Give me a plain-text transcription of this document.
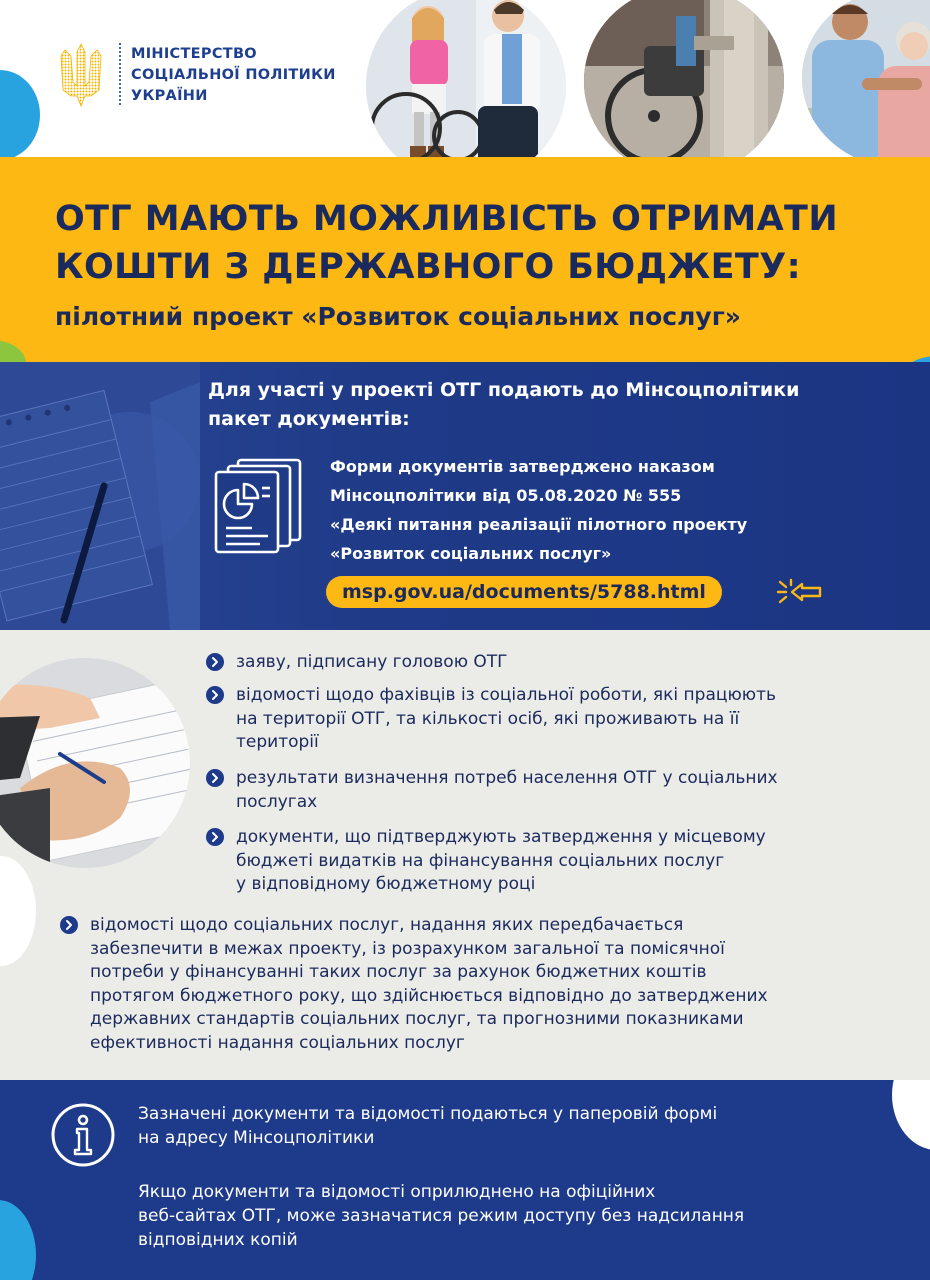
МІНІСТЕРСТВО
СОЦІАЛЬНОЇ ПОЛІТИКИ
УКРАЇНИ
ОТГ МАЮТЬ МОЖЛИВІСТЬ ОТРИМАТИ
КОШТИ З ДЕРЖАВНОГО БЮДЖЕТУ:
пілотний проект «Розвиток соціальних послуг»
Для участі у проекті ОТГ подають до Мінсоцполітики
пакет документів:
Форми документів затверджено наказом
Мінсоцполітики від 05.08.2020 № 555
«Деякі питання реалізації пілотного проекту
«Розвиток соціальних послуг»
msp.gov.ua/documents/5788.html
заяву, підписану головою ОТГ
відомості щодо фахівців із соціальної роботи, які працюють
на території ОТГ, та кількості осіб, які проживають на її
території
результати визначення потреб населення ОТГ у соціальних
послугах
документи, що підтверджують затвердження у місцевому
бюджеті видатків на фінансування соціальних послуг
у відповідному бюджетному році
відомості щодо соціальних послуг, надання яких передбачається
забезпечити в межах проекту, із розрахунком загальної та помісячної
потреби у фінансуванні таких послуг за рахунок бюджетних коштів
протягом бюджетного року, що здійснюється відповідно до затверджених
державних стандартів соціальних послуг, та прогнозними показниками
ефективності надання соціальних послуг
Зазначені документи та відомості подаються у паперовій формі
на адресу Мінсоцполітики
Якщо документи та відомості оприлюднено на офіційних
веб-сайтах ОТГ, може зазначатися режим доступу без надсилання
відповідних копій
